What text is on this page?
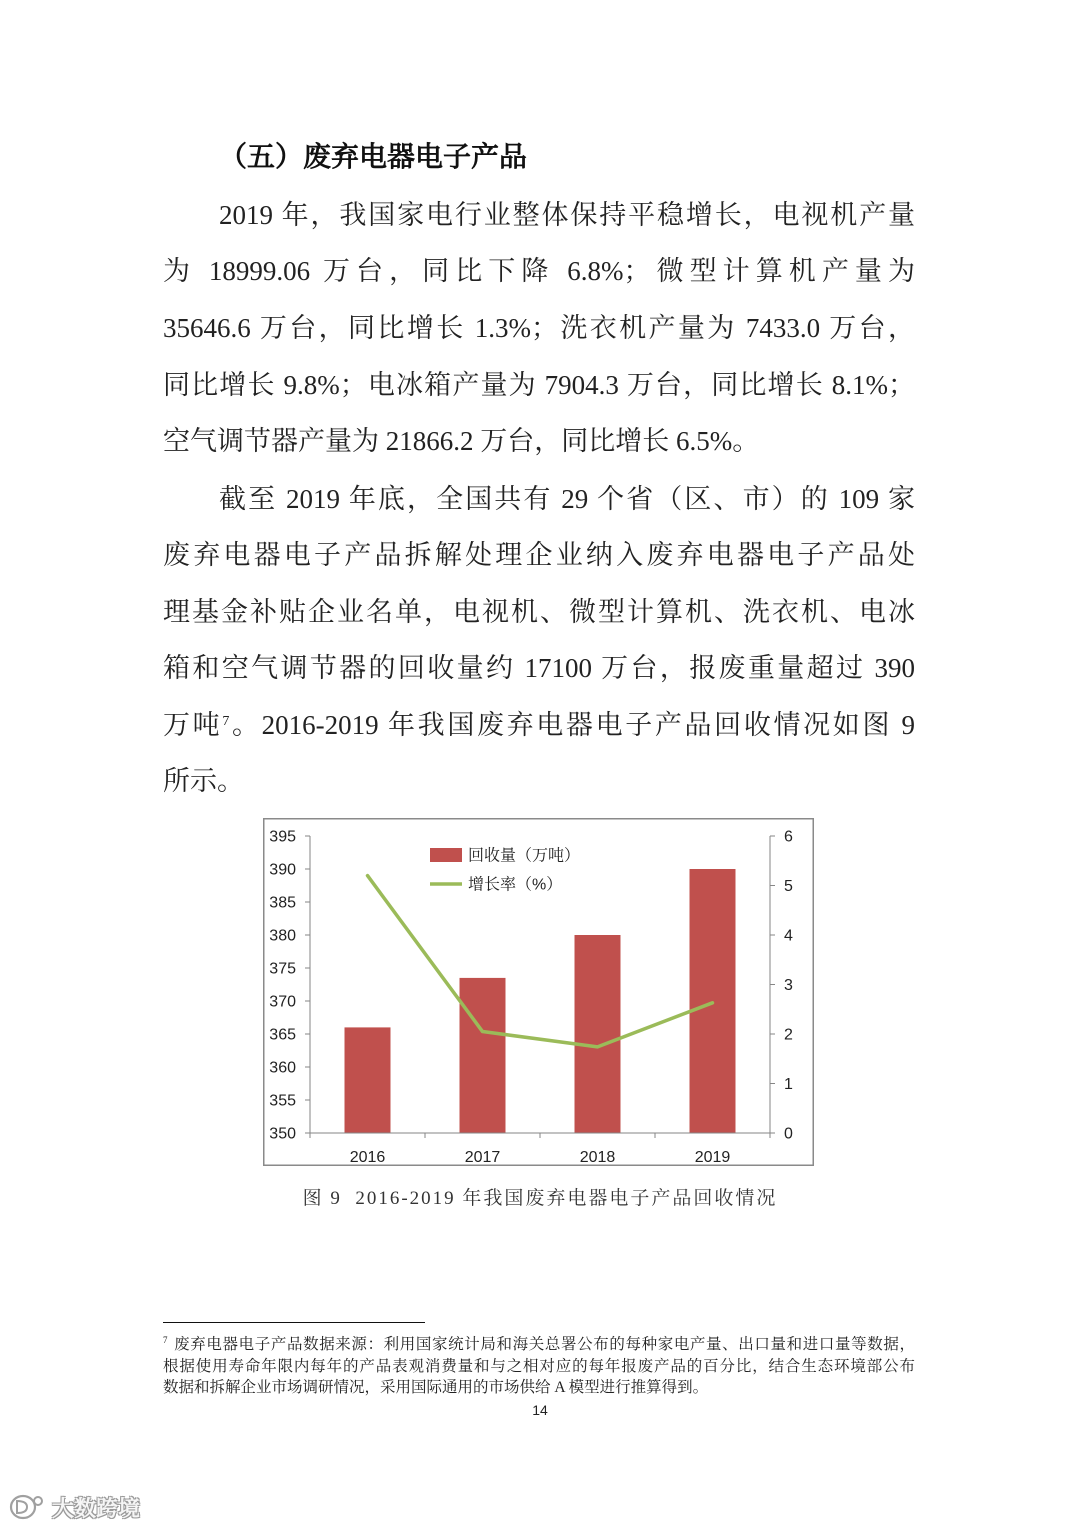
（五）废弃电器电子产品
2019 年，我国家电行业整体保持平稳增长，电视机产量
为 18999.06 万台，同比下降 6.8%；微型计算机产量为
35646.6 万台，同比增长 1.3%；洗衣机产量为 7433.0 万台，
同比增长 9.8%；电冰箱产量为 7904.3 万台，同比增长 8.1%；
空气调节器产量为 21866.2 万台，同比增长 6.5%。
截至 2019 年底，全国共有 29 个省（区、市）的 109 家
废弃电器电子产品拆解处理企业纳入废弃电器电子产品处
理基金补贴企业名单，电视机、微型计算机、洗衣机、电冰
箱和空气调节器的回收量约 17100 万台，报废重量超过 390
万吨$^7$。2016-2019 年我国废弃电器电子产品回收情况如图 9
所示。
350
355
360
365
370
375
380
385
390
395
0
1
2
3
4
5
6
2016	2017	2018	2019
回收量（万吨）
增长率（%）
图 9  2016-2019 年我国废弃电器电子产品回收情况
$^7$ 废弃电器电子产品数据来源：利用国家统计局和海关总署公布的每种家电产量、出口量和进口量等数据，
根据使用寿命年限内每年的产品表观消费量和与之相对应的每年报废产品的百分比，结合生态环境部公布
数据和拆解企业市场调研情况，采用国际通用的市场供给 A 模型进行推算得到。
14
大数跨境
